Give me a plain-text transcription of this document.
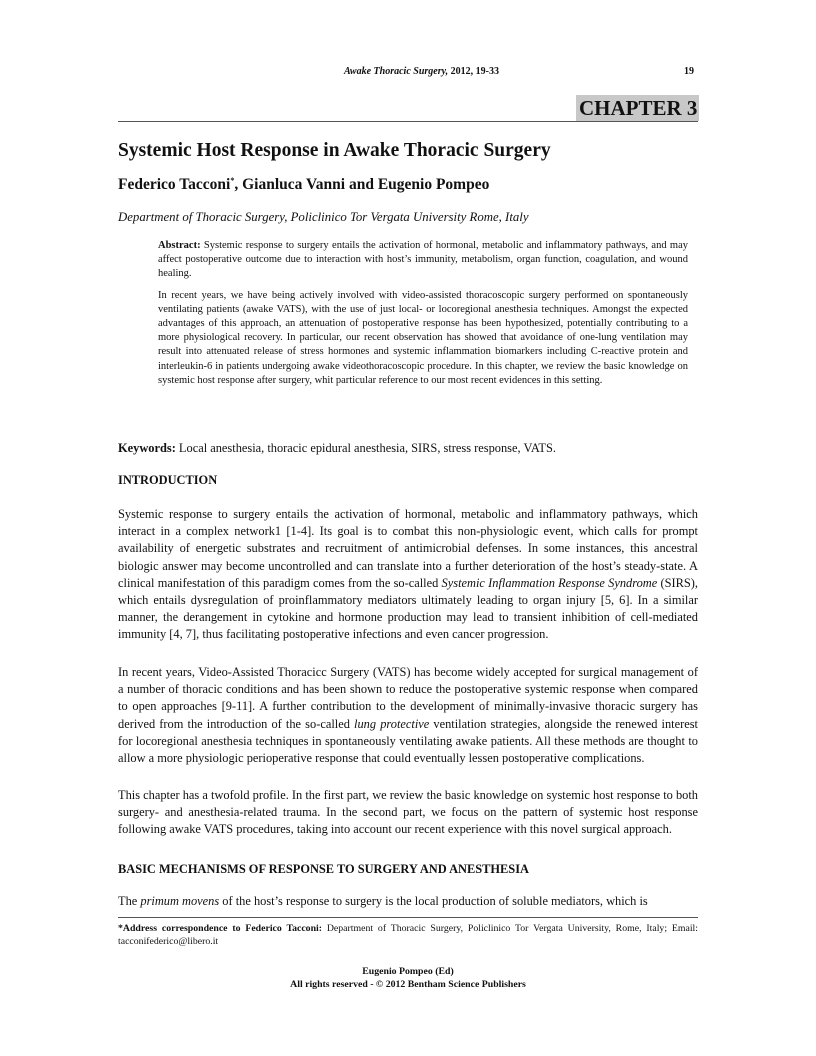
Awake Thoracic Surgery, 2012, 19-33	19
CHAPTER 3
Systemic Host Response in Awake Thoracic Surgery
Federico Tacconi*, Gianluca Vanni and Eugenio Pompeo
Department of Thoracic Surgery, Policlinico Tor Vergata University Rome, Italy

Abstract: Systemic response to surgery entails the activation of hormonal, metabolic and inflammatory pathways, and may affect postoperative outcome due to interaction with host’s immunity, metabolism, organ function, coagulation, and wound healing.

In recent years, we have being actively involved with video-assisted thoracoscopic surgery performed on spontaneously ventilating patients (awake VATS), with the use of just local- or locoregional anesthesia techniques. Amongst the expected advantages of this approach, an attenuation of postoperative response has been hypothesized, potentially contributing to a more physiological recovery. In particular, our recent observation has showed that avoidance of one-lung ventilation may result into attenuated release of stress hormones and systemic inflammation biomarkers including C-reactive protein and interleukin-6 in patients undergoing awake videothoracoscopic procedure. In this chapter, we review the basic knowledge on systemic host response after surgery, whit particular reference to our most recent evidences in this setting.

Keywords: Local anesthesia, thoracic epidural anesthesia, SIRS, stress response, VATS.
INTRODUCTION

Systemic response to surgery entails the activation of hormonal, metabolic and inflammatory pathways, which interact in a complex network1 [1-4]. Its goal is to combat this non-physiologic event, which calls for prompt availability of energetic substrates and recruitment of antimicrobial defenses. In some instances, this ancestral biologic answer may become uncontrolled and can translate into a further deterioration of the host’s steady-state. A clinical manifestation of this paradigm comes from the so-called Systemic Inflammation Response Syndrome (SIRS), which entails dysregulation of proinflammatory mediators ultimately leading to organ injury [5, 6]. In a similar manner, the derangement in cytokine and hormone production may lead to transient inhibition of cell-mediated immunity [4, 7], thus facilitating postoperative infections and even cancer progression.

In recent years, Video-Assisted Thoracicc Surgery (VATS) has become widely accepted for surgical management of a number of thoracic conditions and has been shown to reduce the postoperative systemic response when compared to open approaches [9-11]. A further contribution to the development of minimally-invasive thoracic surgery has derived from the introduction of the so-called lung protective ventilation strategies, alongside the renewed interest for locoregional anesthesia techniques in spontaneously ventilating awake patients. All these methods are thought to allow a more physiologic perioperative response that could eventually lessen postoperative complications.

This chapter has a twofold profile. In the first part, we review the basic knowledge on systemic host response to both surgery- and anesthesia-related trauma. In the second part, we focus on the pattern of systemic host response following awake VATS procedures, taking into account our recent experience with this novel surgical approach.

BASIC MECHANISMS OF RESPONSE TO SURGERY AND ANESTHESIA

The primum movens of the host’s response to surgery is the local production of soluble mediators, which is

*Address correspondence to Federico Tacconi: Department of Thoracic Surgery, Policlinico Tor Vergata University, Rome, Italy; Email: tacconifederico@libero.it
Eugenio Pompeo (Ed)
All rights reserved - © 2012 Bentham Science Publishers
